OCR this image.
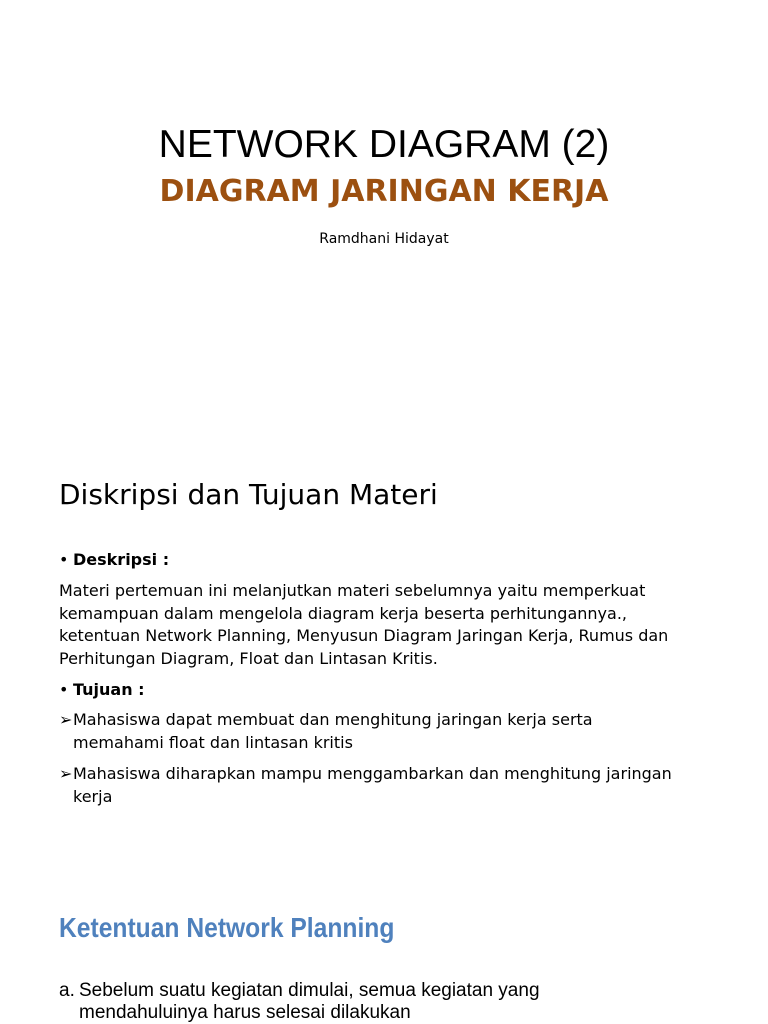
NETWORK DIAGRAM (2)
DIAGRAM JARINGAN KERJA
Ramdhani Hidayat
Diskripsi dan Tujuan Materi
• Deskripsi :
Materi pertemuan ini melanjutkan materi sebelumnya yaitu memperkuat
kemampuan dalam mengelola diagram kerja beserta perhitungannya.,
ketentuan Network Planning, Menyusun Diagram Jaringan Kerja, Rumus dan
Perhitungan Diagram, Float dan Lintasan Kritis.
• Tujuan :
➢Mahasiswa dapat membuat dan menghitung jaringan kerja serta
memahami float dan lintasan kritis
➢Mahasiswa diharapkan mampu menggambarkan dan menghitung jaringan
kerja
Ketentuan Network Planning
a. Sebelum suatu kegiatan dimulai, semua kegiatan yang
mendahuluinya harus selesai dilakukan
